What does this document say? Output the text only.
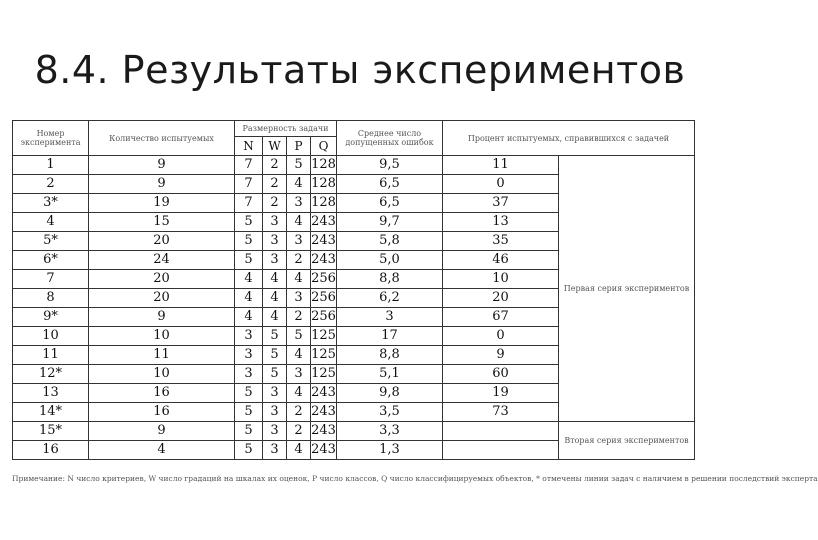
8.4. Результаты экспериментов
Номер эксперимента	Количество испытуемых	Размерность задачи				Среднее число допущенных ошибок	Процент испытуемых, справившихся с задачей	
		N	W	P	Q			
1	9	7	2	5	128	9,5	11	Первая серия экспериментов
2	9	7	2	4	128	6,5	0	
3*	19	7	2	3	128	6,5	37	
4	15	5	3	4	243	9,7	13	
5*	20	5	3	3	243	5,8	35	
6*	24	5	3	2	243	5,0	46	
7	20	4	4	4	256	8,8	10	
8	20	4	4	3	256	6,2	20	
9*	9	4	4	2	256	3	67	
10	10	3	5	5	125	17	0	
11	11	3	5	4	125	8,8	9	
12*	10	3	5	3	125	5,1	60	
13	16	5	3	4	243	9,8	19	
14*	16	5	3	2	243	3,5	73	
15*	9	5	3	2	243	3,3		Вторая серия экспериментов
16	4	5	3	4	243	1,3		
Примечание: N число критериев, W число градаций на шкалах их оценок, P число классов, Q число классифицируемых объектов, * отмечены линии задач с наличием в решении последствий эксперта
